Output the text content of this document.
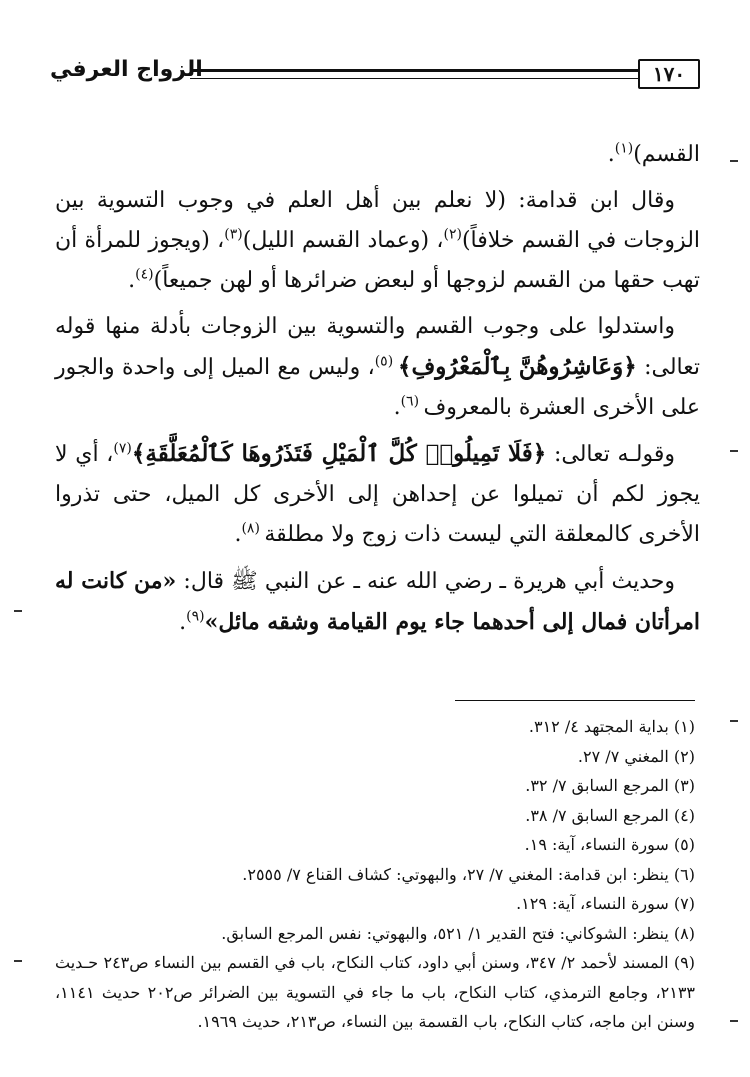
١٧٠
الزواج العرفي

القسم)$^{(١)}$.

وقال ابن قدامة: (لا نعلم بين أهل العلم في وجوب التسوية بين الزوجات في القسم خلافاً)$^{(٢)}$، (وعماد القسم الليل)$^{(٣)}$، (ويجوز للمرأة أن تهب حقها من القسم لزوجها أو لبعض ضرائرها أو لهن جميعاً)$^{(٤)}$.

واستدلوا على وجوب القسم والتسوية بين الزوجات بأدلة منها قوله تعالى: ﴿وَعَاشِرُوهُنَّ بِٱلْمَعْرُوفِ﴾ $^{(٥)}$، وليس مع الميل إلى واحدة والجور على الأخرى العشرة بالمعروف $^{(٦)}$.

وقولـه تعالى: ﴿فَلَا تَمِيلُوا۟ كُلَّ ٱلْمَيْلِ فَتَذَرُوهَا كَٱلْمُعَلَّقَةِ﴾$^{(٧)}$، أي لا يجوز لكم أن تميلوا عن إحداهن إلى الأخرى كل الميل، حتى تذروا الأخرى كالمعلقة التي ليست ذات زوج ولا مطلقة $^{(٨)}$.

وحديث أبي هريرة ـ رضي الله عنه ـ عن النبي ﷺ قال: «من كانت له امرأتان فمال إلى أحدهما جاء يوم القيامة وشقه مائل»$^{(٩)}$.

(١) بداية المجتهد ٤/ ٣١٢.

(٢) المغني ٧/ ٢٧.

(٣) المرجع السابق ٧/ ٣٢.

(٤) المرجع السابق ٧/ ٣٨.

(٥) سورة النساء، آية: ١٩.

(٦) ينظر: ابن قدامة: المغني ٧/ ٢٧، والبهوتي: كشاف القناع ٧/ ٢٥٥٥.

(٧) سورة النساء، آية: ١٢٩.

(٨) ينظر: الشوكاني: فتح القدير ١/ ٥٢١، والبهوتي: نفس المرجع السابق.

(٩) المسند لأحمد ٢/ ٣٤٧، وسنن أبي داود، كتاب النكاح، باب في القسم بين النساء ص٢٤٣ حـديث ٢١٣٣، وجامع الترمذي، كتاب النكاح، باب ما جاء في التسوية بين الضرائر ص٢٠٢ حديث ١١٤١، وسنن ابن ماجه، كتاب النكاح، باب القسمة بين النساء، ص٢١٣، حديث ١٩٦٩.
